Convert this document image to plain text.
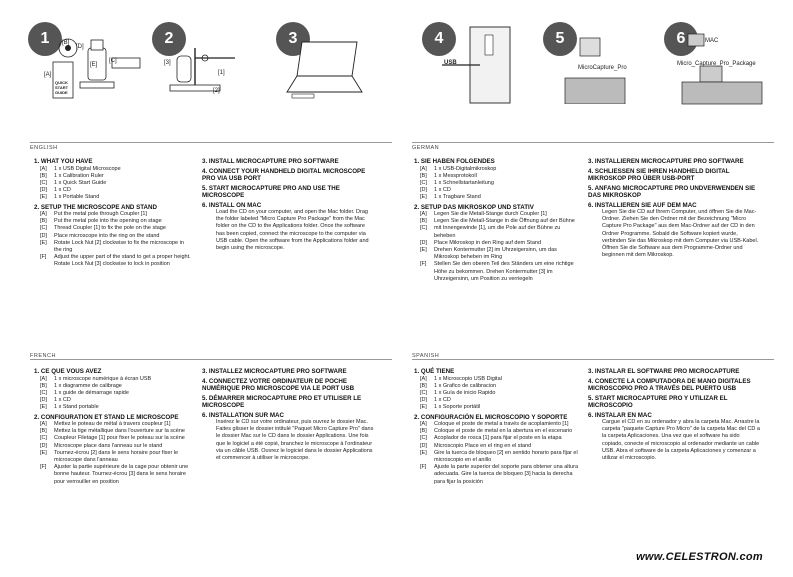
1	2	3	4	5	6
[B]
[C]
[A]
[E]
[D]
QUICK START GUIDE
[3]
[1]
[2]
USB
MicroCapture_Pro
MAC
Micro_Capture_Pro_Package
ENGLISH	GERMAN
FRENCH	SPANISH
1. WHAT YOU HAVE
[A]	1 x USB Digital Microscope
[B]	1 x Calibration Ruler
[C]	1 x Quick Start Guide
[D]	1 x CD
[E]	1 x Portable Stand
2. SETUP THE MICROSCOPE AND STAND
[A]	Put the metal pole through Coupler [1]
[B]	Put the metal pole into the opening on stage
[C]	Thread Coupler [1] to fix the pole on the stage
[D]	Place microscope into the ring on the stand
[E]	Rotate Lock Nut [2] clockwise to fix the microscope in the ring
[F]	Adjust the upper part of the stand to get a proper height. Rotate Lock Nut [3] clockwise to lock in position
3. INSTALL MICROCAPTURE PRO SOFTWARE
4. CONNECT YOUR HANDHELD DIGITAL MICROSCOPE PRO VIA USB PORT
5. START MICROCAPTURE PRO AND USE THE MICROSCOPE
6. INSTALL ON MAC
Load the CD on your computer, and open the Mac folder. Drag the folder labeled "Micro Capture Pro Package" from the Mac folder on the CD to the Applications folder. Once the software has been copied, connect the microscope to the computer via USB cable. Open the software from the Applications folder and begin using the microscope.
1. SIE HABEN FOLGENDES
[A]	1 x USB-Digitalmikroskop
[B]	1 x Messprotokoll
[C]	1 x Schnellstartanleitung
[D]	1 x CD
[E]	1 x Tragbare Stand
2. SETUP DAS MIKROSKOP UND STATIV
[A]	Legen Sie die Metall-Stange durch Coupler [1]
[B]	Legen Sie die Metall-Stange in die Öffnung auf der Bühne
[C]	mit Innengewinde [1], um die Pole auf der Bühne zu beheben
[D]	Place Mikroskop in den Ring auf dem Stand
[E]	Drehen Kontermutter [2] im Uhrzeigersinn, um das Mikroskop beheben im Ring
[F]	Stellen Sie den oberen Teil des Ständers um eine richtige Höhe zu bekommen. Drehen Kontermutter [3] im Uhrzeigersinn, um Position zu verriegeln
3. INSTALLIEREN MICROCAPTURE PRO SOFTWARE
4. SCHLIESSEN SIE IHREN HANDHELD DIGITAL MIKROSKOP PRO ÜBER USB-PORT
5. ANFANG MICROCAPTURE PRO UNDVERWENDEN SIE DAS MIKROSKOP
6. INSTALLIEREN SIE AUF DEM MAC
Legen Sie die CD auf Ihrem Computer, und öffnen Sie die Mac-Ordner. Ziehen Sie den Ordner mit der Bezeichnung "Micro Capture Pro Package" aus dem Mac-Ordner auf der CD in den Ordner Programme. Sobald die Software kopiert wurde, verbinden Sie das Mikroskop mit dem Computer via USB-Kabel. Öffnen Sie die Software aus dem Programme-Ordner und beginnen mit dem Mikroskop.
1. CE QUE VOUS AVEZ
[A]	1 x microscope numérique à écran USB
[B]	1 x diagramme de calibrage
[C]	1 x guide de démarrage rapide
[D]	1 x CD
[E]	1 x Stand portable
2. CONFIGURATION ET STAND LE MICROSCOPE
[A]	Mettez le poteau de métal à travers coupleur [1]
[B]	Mettez la tige métallique dans l'ouverture sur la scène
[C]	Coupleur Filetage [1] pour fixer le poteau sur la scène
[D]	Microscope place dans l'anneau sur le stand
[E]	Tournez-écrou [2] dans le sens horaire pour fixer le microscope dans l'anneau
[F]	Ajuster la partie supérieure de la cage pour obtenir une bonne hauteur. Tournez-écrou [3] dans le sens horaire pour verrouiller en position
3. INSTALLEZ MICROCAPTURE PRO SOFTWARE
4. CONNECTEZ VOTRE ORDINATEUR DE POCHE NUMÉRIQUE PRO MICROSCOPE VIA LE PORT USB
5. DÉMARRER MICROCAPTURE PRO ET UTILISER LE MICROSCOPE
6. INSTALLATION SUR MAC
Insérez le CD sur votre ordinateur, puis ouvrez le dossier Mac. Faites glisser le dossier intitulé "Paquet Micro Capture Pro" dans le dossier Mac sur le CD dans le dossier Applications. Une fois que le logiciel a été copié, branchez le microscope à l'ordinateur via un câble USB. Ouvrez le logiciel dans le dossier Applications et commencer à utiliser le microscope.
1. QUÉ TIENE
[A]	1 x Microscopio USB Digital
[B]	1 x Grafico de calibracion
[C]	1 x Guía de inicio Rapido
[D]	1 x CD
[E]	1 x Soporte portátil
2. CONFIGURACIÓN EL MICROSCOPIO Y SOPORTE
[A]	Coloque el poste de metal a través de acoplamiento [1]
[B]	Coloque el poste de metal en la abertura en el escenario
[C]	Acoplador de rosca [1] para fijar el poste en la etapa
[D]	Microscopio Place en el ring en el stand
[E]	Gire la tuerca de bloqueo [2] en sentido horario para fijar el microscopio en el anillo
[F]	Ajuste la parte superior del soporte para obtener una altura adecuada. Gire la tuerca de bloqueo [3] hacia la derecha para fijar la posición
3. INSTALAR EL SOFTWARE PRO MICROCAPTURE
4. CONECTE LA COMPUTADORA DE MANO DIGITALES MICROSCOPIO PRO A TRAVÉS DEL PUERTO USB
5. START MICROCAPTURE PRO Y UTILIZAR EL MICROSCOPIO
6. INSTALAR EN MAC
Cargue el CD en su ordenador y abra la carpeta Mac. Arrastre la carpeta "paquete Capture Pro Micro" de la carpeta Mac del CD a la carpeta Aplicaciones. Una vez que el software ha sido copiado, conecte el microscopio al ordenador mediante un cable USB. Abra el software de la carpeta Aplicaciones y comenzar a utilizar el microscopio.
www.CELESTRON.com
